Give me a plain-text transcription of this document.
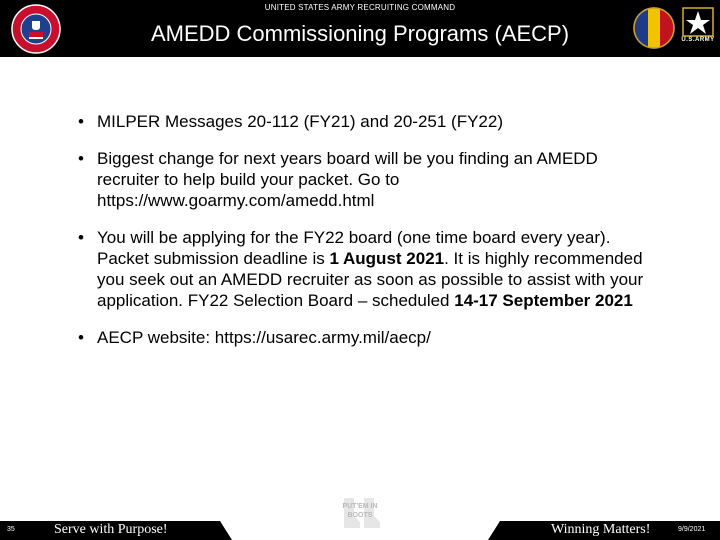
UNITED STATES ARMY RECRUITING COMMAND
AMEDD Commissioning Programs (AECP)	U.S.ARMY
• MILPER Messages 20-112 (FY21) and 20-251 (FY22)
• Biggest change for next years board will be you finding an AMEDD recruiter to help build your packet. Go to https://www.goarmy.com/amedd.html
• You will be applying for the FY22 board (one time board every year). Packet submission deadline is 1 August 2021. It is highly recommended you seek out an AMEDD recruiter as soon as possible to assist with your application. FY22 Selection Board – scheduled 14-17 September 2021
• AECP website: https://usarec.army.mil/aecp/
35	Serve with Purpose!	Winning Matters!	9/9/2021
PUT'EM IN
BOOTS
